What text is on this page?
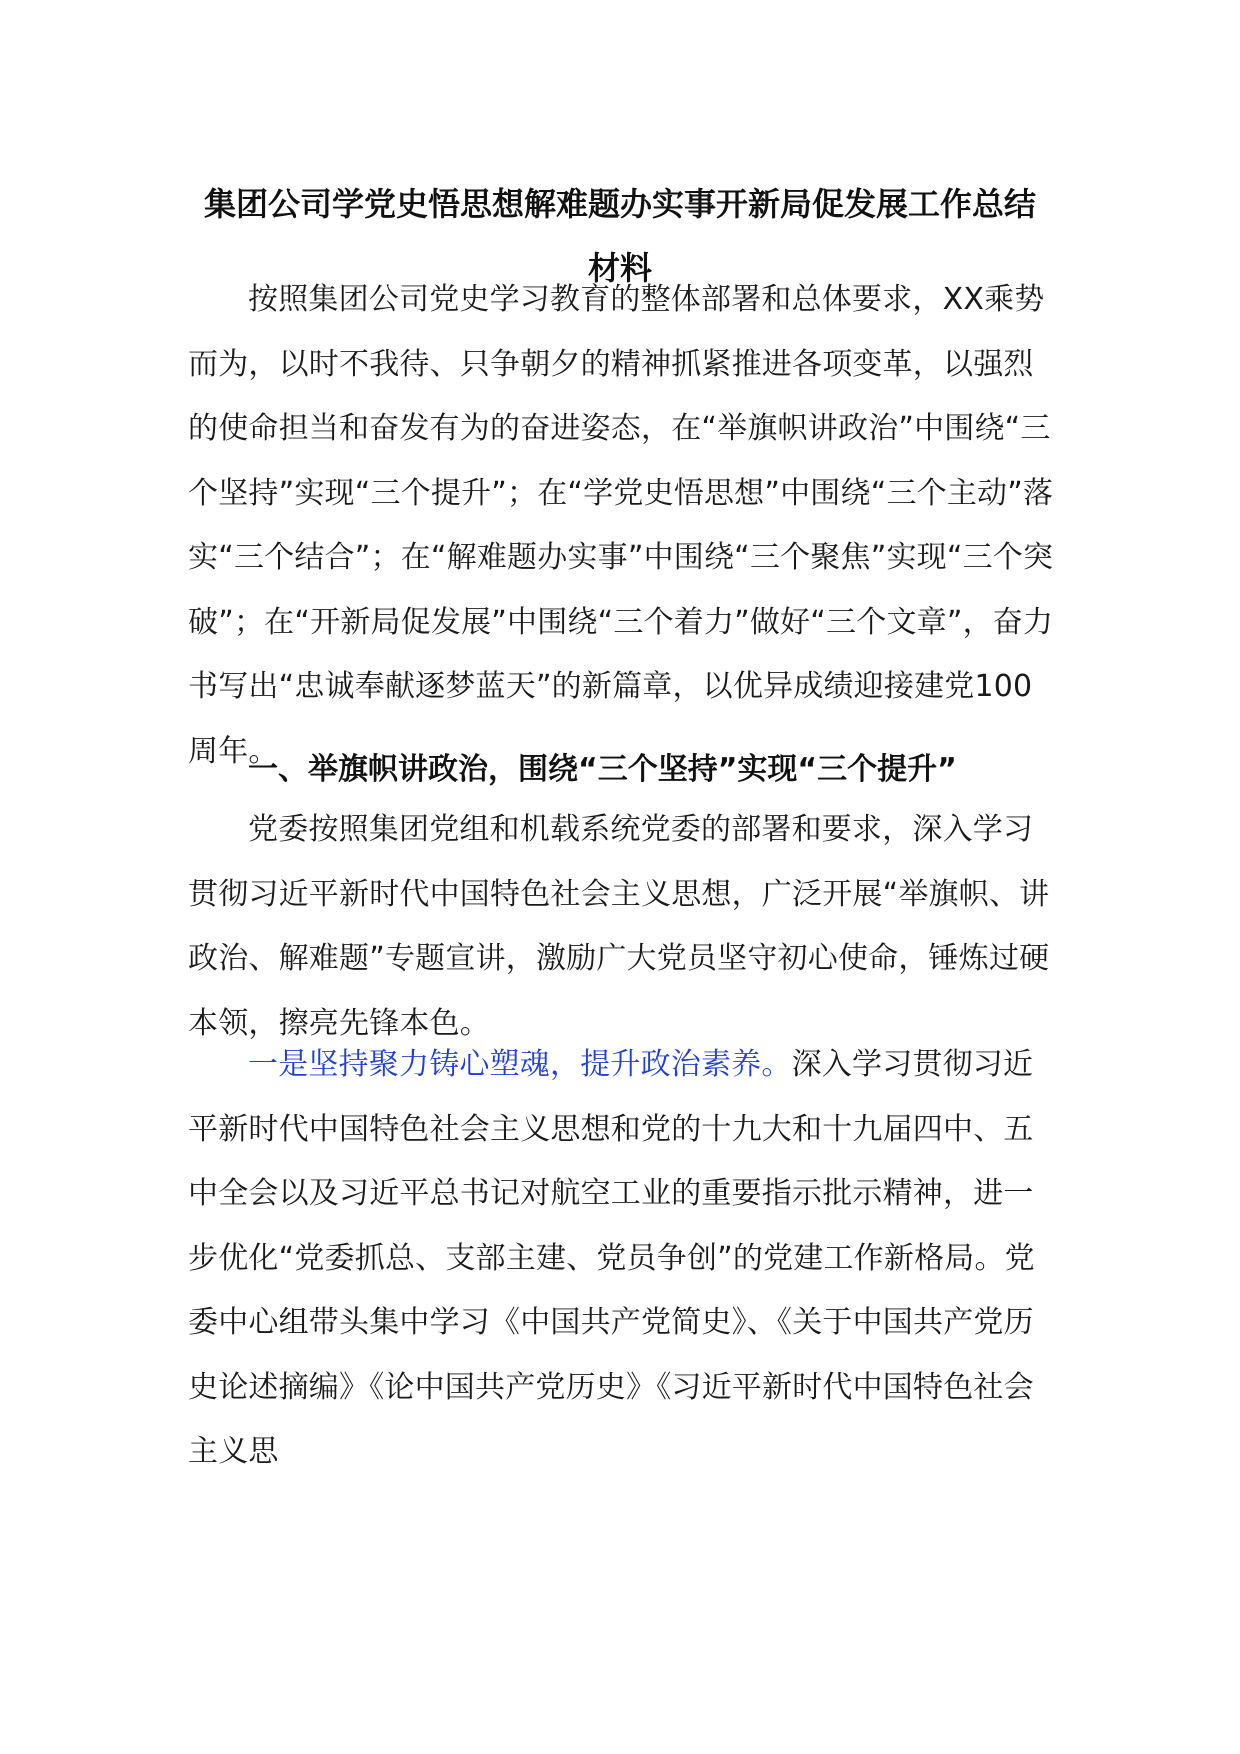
集团公司学党史悟思想解难题办实事开新局促发展工作总结材料

按照集团公司党史学习教育的整体部署和总体要求，XX乘势而为，以时不我待、只争朝夕的精神抓紧推进各项变革，以强烈的使命担当和奋发有为的奋进姿态，在“举旗帜讲政治”中围绕“三个坚持”实现“三个提升”；在“学党史悟思想”中围绕“三个主动”落实“三个结合”；在“解难题办实事”中围绕“三个聚焦”实现“三个突破”；在“开新局促发展”中围绕“三个着力”做好“三个文章”，奋力书写出“忠诚奉献逐梦蓝天”的新篇章，以优异成绩迎接建党100周年。

一、举旗帜讲政治，围绕“三个坚持”实现“三个提升”

党委按照集团党组和机载系统党委的部署和要求，深入学习贯彻习近平新时代中国特色社会主义思想，广泛开展“举旗帜、讲政治、解难题”专题宣讲，激励广大党员坚守初心使命，锤炼过硬本领，擦亮先锋本色。

一是坚持聚力铸心塑魂，提升政治素养。深入学习贯彻习近平新时代中国特色社会主义思想和党的十九大和十九届四中、五中全会以及习近平总书记对航空工业的重要指示批示精神，进一步优化“党委抓总、支部主建、党员争创”的党建工作新格局。党委中心组带头集中学习《中国共产党简史》、《关于中国共产党历史论述摘编》《论中国共产党历史》《习近平新时代中国特色社会主义思
